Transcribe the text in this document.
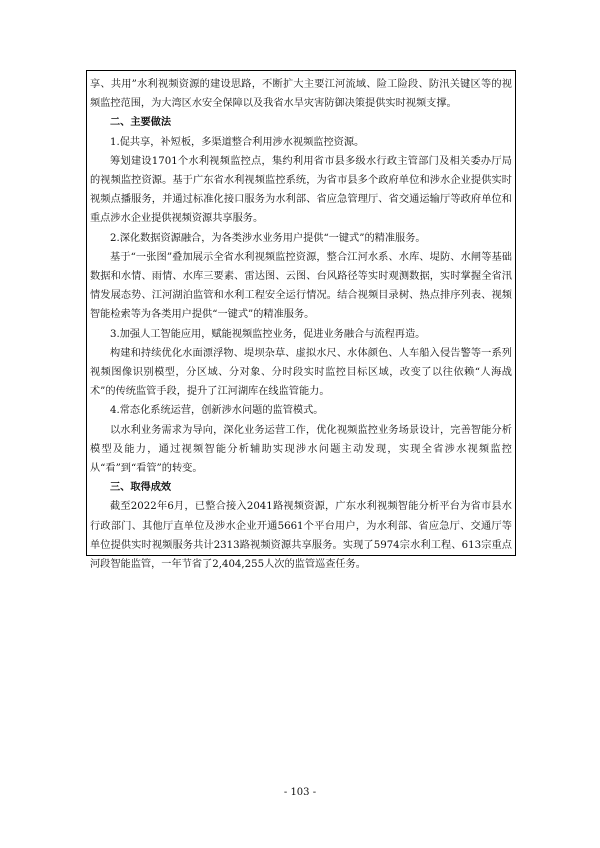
享、共用”水利视频资源的建设思路，不断扩大主要江河流域、险工险段、防汛关键区等的视频监控范围，为大湾区水安全保障以及我省水旱灾害防御决策提供实时视频支撑。

二、主要做法

1.促共享，补短板，多渠道整合利用涉水视频监控资源。

筹划建设1701个水利视频监控点，集约利用省市县多级水行政主管部门及相关委办厅局的视频监控资源。基于广东省水利视频监控系统，为省市县多个政府单位和涉水企业提供实时视频点播服务，并通过标准化接口服务为水利部、省应急管理厅、省交通运输厅等政府单位和重点涉水企业提供视频资源共享服务。

2.深化数据资源融合，为各类涉水业务用户提供“一键式”的精准服务。

基于“一张图”叠加展示全省水利视频监控资源，整合江河水系、水库、堤防、水闸等基础数据和水情、雨情、水库三要素、雷达图、云图、台风路径等实时观测数据，实时掌握全省汛情发展态势、江河湖泊监管和水利工程安全运行情况。结合视频目录树、热点排序列表、视频智能检索等为各类用户提供“一键式”的精准服务。

3.加强人工智能应用，赋能视频监控业务，促进业务融合与流程再造。

构建和持续优化水面漂浮物、堤坝杂草、虚拟水尺、水体颜色、人车船入侵告警等一系列视频图像识别模型，分区域、分对象、分时段实时监控目标区域，改变了以往依赖“人海战术”的传统监管手段，提升了江河湖库在线监管能力。

4.常态化系统运营，创新涉水问题的监管模式。

以水利业务需求为导向，深化业务运营工作，优化视频监控业务场景设计，完善智能分析模型及能力，通过视频智能分析辅助实现涉水问题主动发现，实现全省涉水视频监控从“看”到“看管”的转变。

三、取得成效

截至2022年6月，已整合接入2041路视频资源，广东水利视频智能分析平台为省市县水行政部门、其他厅直单位及涉水企业开通5661个平台用户，为水利部、省应急厅、交通厅等单位提供实时视频服务共计2313路视频资源共享服务。实现了5974宗水利工程、613宗重点河段智能监管，一年节省了2,404,255人次的监管巡查任务。

- 103 -
